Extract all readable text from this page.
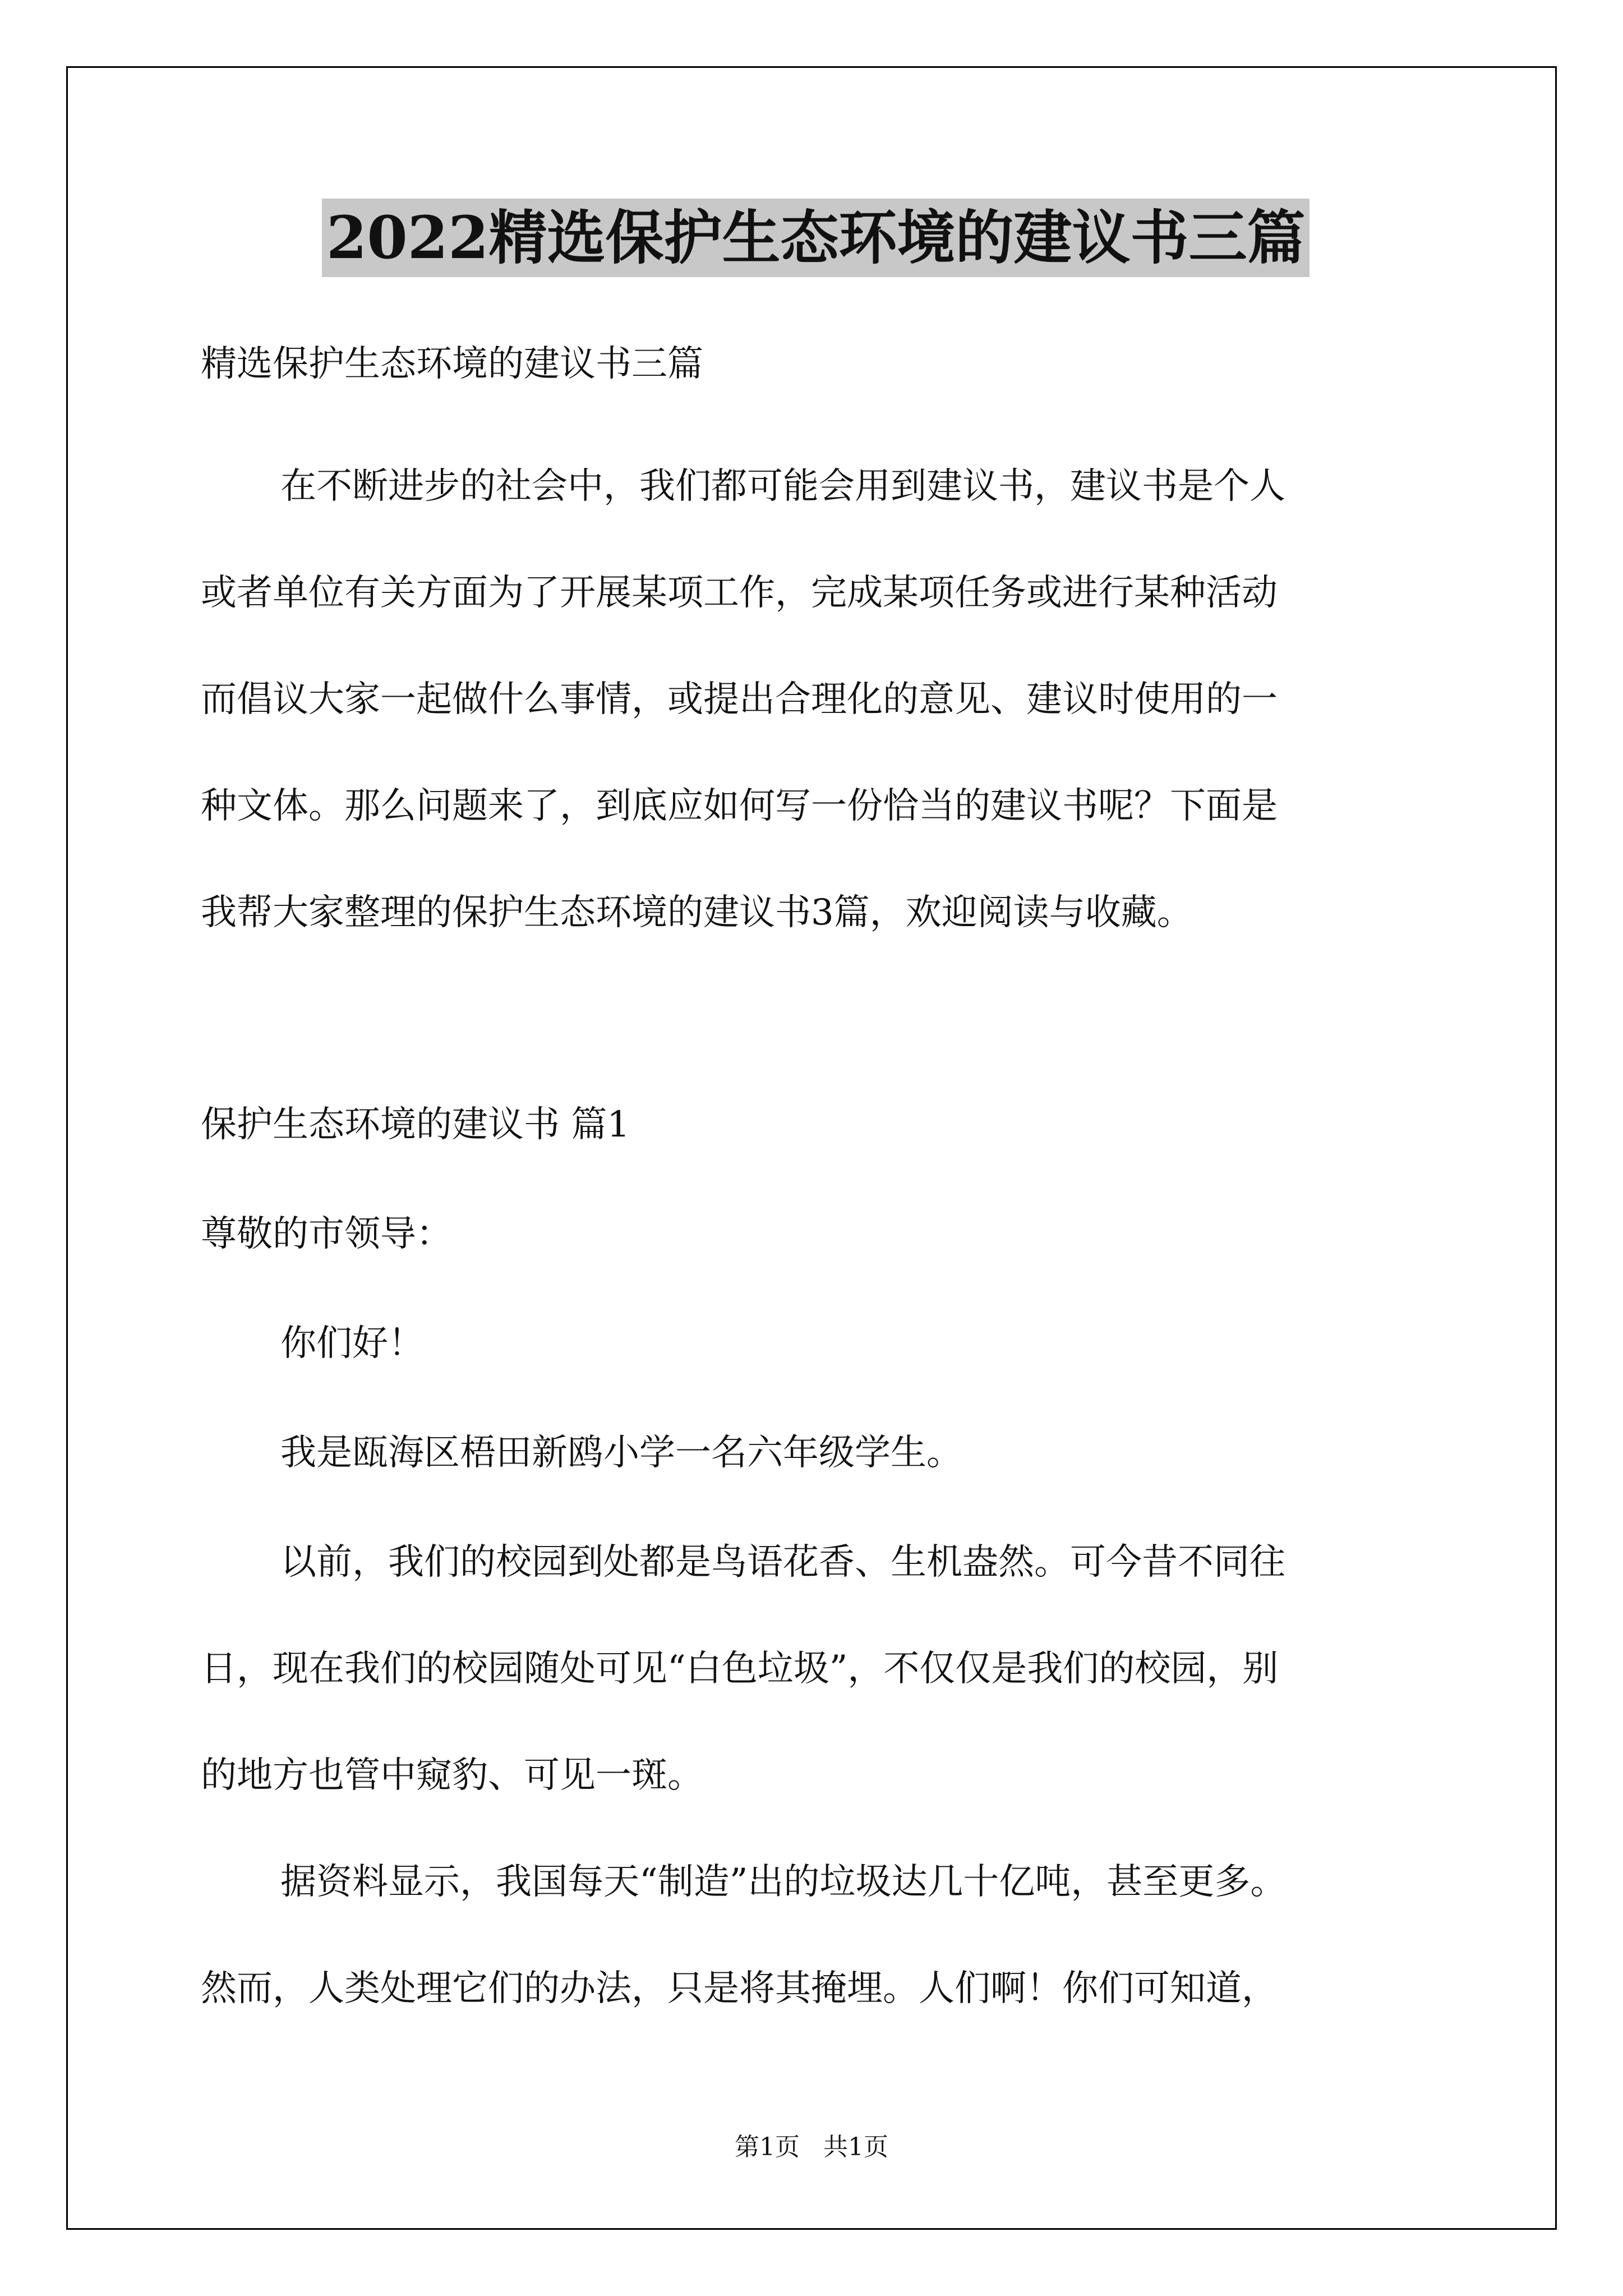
2022精选保护生态环境的建议书三篇

精选保护生态环境的建议书三篇

在不断进步的社会中，我们都可能会用到建议书，建议书是个人

或者单位有关方面为了开展某项工作，完成某项任务或进行某种活动

而倡议大家一起做什么事情，或提出合理化的意见、建议时使用的一

种文体。那么问题来了，到底应如何写一份恰当的建议书呢？下面是

我帮大家整理的保护生态环境的建议书3篇，欢迎阅读与收藏。

保护生态环境的建议书 篇1

尊敬的市领导：

你们好！

我是瓯海区梧田新鸥小学一名六年级学生。

以前，我们的校园到处都是鸟语花香、生机盎然。可今昔不同往

日，现在我们的校园随处可见“白色垃圾”，不仅仅是我们的校园，别

的地方也管中窥豹、可见一斑。

据资料显示，我国每天“制造”出的垃圾达几十亿吨，甚至更多。

然而，人类处理它们的办法，只是将其掩埋。人们啊！你们可知道，

第1页   共1页
